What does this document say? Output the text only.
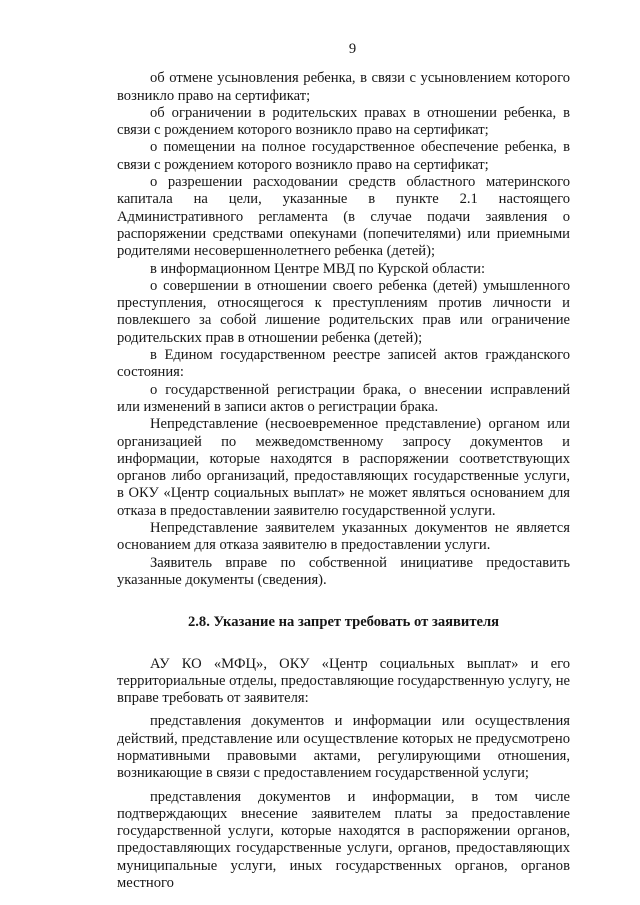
9

об отмене усыновления ребенка, в связи с усыновлением которого возникло право на сертификат;

об ограничении в родительских правах в отношении ребенка, в связи с рождением которого возникло право на сертификат;

о помещении на полное государственное обеспечение ребенка, в связи с рождением которого возникло право на сертификат;

о разрешении расходовании средств областного материнского капитала на цели, указанные в пункте 2.1 настоящего Административного регламента (в случае подачи заявления о распоряжении средствами опекунами (попечителями) или приемными родителями несовершеннолетнего ребенка (детей);

в информационном Центре МВД по Курской области:

о совершении в отношении своего ребенка (детей) умышленного преступления, относящегося к преступлениям против личности и повлекшего за собой лишение родительских прав или ограничение родительских прав в отношении ребенка (детей);

в Едином государственном реестре записей актов гражданского состояния:

о государственной регистрации брака, о внесении исправлений или изменений в записи актов о регистрации брака.

Непредставление (несвоевременное представление) органом или организацией по межведомственному запросу документов и информации, которые находятся в распоряжении соответствующих органов либо организаций, предоставляющих государственные услуги, в ОКУ «Центр социальных выплат» не может являться основанием для отказа в предоставлении заявителю государственной услуги.

Непредставление заявителем указанных документов не является основанием для отказа заявителю в предоставлении услуги.

Заявитель вправе по собственной инициативе предоставить указанные документы (сведения).

2.8. Указание на запрет требовать от заявителя

АУ КО «МФЦ», ОКУ «Центр социальных выплат» и его территориальные отделы, предоставляющие государственную услугу, не вправе требовать от заявителя:

представления документов и информации или осуществления действий, представление или осуществление которых не предусмотрено нормативными правовыми актами, регулирующими отношения, возникающие в связи с предоставлением государственной услуги;

представления документов и информации, в том числе подтверждающих внесение заявителем платы за предоставление государственной услуги, которые находятся в распоряжении органов, предоставляющих государственные услуги, органов, предоставляющих муниципальные услуги, иных государственных органов, органов местного
